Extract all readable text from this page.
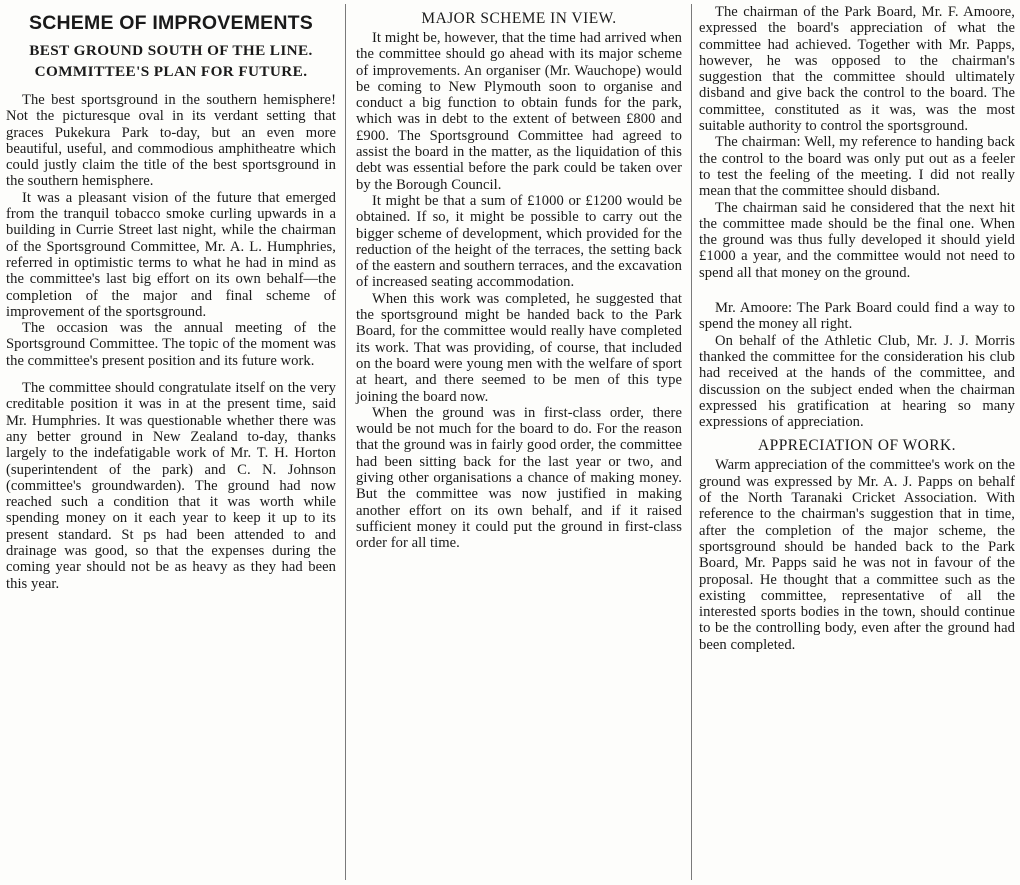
SCHEME OF IMPROVEMENTS
BEST GROUND SOUTH OF THE LINE.
COMMITTEE'S PLAN FOR FUTURE.

The best sportsground in the southern hemisphere! Not the picturesque oval in its verdant setting that graces Pukekura Park to-day, but an even more beautiful, useful, and commodious amphitheatre which could justly claim the title of the best sportsground in the southern hemisphere.

It was a pleasant vision of the future that emerged from the tranquil tobacco smoke curling upwards in a building in Currie Street last night, while the chairman of the Sportsground Committee, Mr. A. L. Humphries, referred in optimistic terms to what he had in mind as the committee's last big effort on its own behalf—the completion of the major and final scheme of improvement of the sportsground.

The occasion was the annual meeting of the Sportsground Committee. The topic of the moment was the committee's present position and its future work.

The committee should congratulate itself on the very creditable position it was in at the present time, said Mr. Humphries. It was questionable whether there was any better ground in New Zealand to-day, thanks largely to the indefatigable work of Mr. T. H. Horton (superintendent of the park) and C. N. Johnson (committee's groundwarden). The ground had now reached such a condition that it was worth while spending money on it each year to keep it up to its present standard. St ps had been attended to and drainage was good, so that the expenses during the coming year should not be as heavy as they had been this year.

MAJOR SCHEME IN VIEW.

It might be, however, that the time had arrived when the committee should go ahead with its major scheme of improvements. An organiser (Mr. Wauchope) would be coming to New Plymouth soon to organise and conduct a big function to obtain funds for the park, which was in debt to the extent of between £800 and £900. The Sportsground Committee had agreed to assist the board in the matter, as the liquidation of this debt was essential before the park could be taken over by the Borough Council.

It might be that a sum of £1000 or £1200 would be obtained. If so, it might be possible to carry out the bigger scheme of development, which provided for the reduction of the height of the terraces, the setting back of the eastern and southern terraces, and the excavation of increased seating accommodation.

When this work was completed, he suggested that the sportsground might be handed back to the Park Board, for the committee would really have completed its work. That was providing, of course, that included on the board were young men with the welfare of sport at heart, and there seemed to be men of this type joining the board now.

When the ground was in first-class order, there would be not much for the board to do. For the reason that the ground was in fairly good order, the committee had been sitting back for the last year or two, and giving other organisations a chance of making money. But the committee was now justified in making another effort on its own behalf, and if it raised sufficient money it could put the ground in first-class order for all time.

The chairman of the Park Board, Mr. F. Amoore, expressed the board's appreciation of what the committee had achieved. Together with Mr. Papps, however, he was opposed to the chairman's suggestion that the committee should ultimately disband and give back the control to the board. The committee, constituted as it was, was the most suitable authority to control the sportsground.

The chairman: Well, my reference to handing back the control to the board was only put out as a feeler to test the feeling of the meeting. I did not really mean that the committee should disband.

The chairman said he considered that the next hit the committee made should be the final one. When the ground was thus fully developed it should yield £1000 a year, and the committee would not need to spend all that money on the ground.

Mr. Amoore: The Park Board could find a way to spend the money all right.

On behalf of the Athletic Club, Mr. J. J. Morris thanked the committee for the consideration his club had received at the hands of the committee, and discussion on the subject ended when the chairman expressed his gratification at hearing so many expressions of appreciation.

APPRECIATION OF WORK.

Warm appreciation of the committee's work on the ground was expressed by Mr. A. J. Papps on behalf of the North Taranaki Cricket Association. With reference to the chairman's suggestion that in time, after the completion of the major scheme, the sportsground should be handed back to the Park Board, Mr. Papps said he was not in favour of the proposal. He thought that a committee such as the existing committee, representative of all the interested sports bodies in the town, should continue to be the controlling body, even after the ground had been completed.
